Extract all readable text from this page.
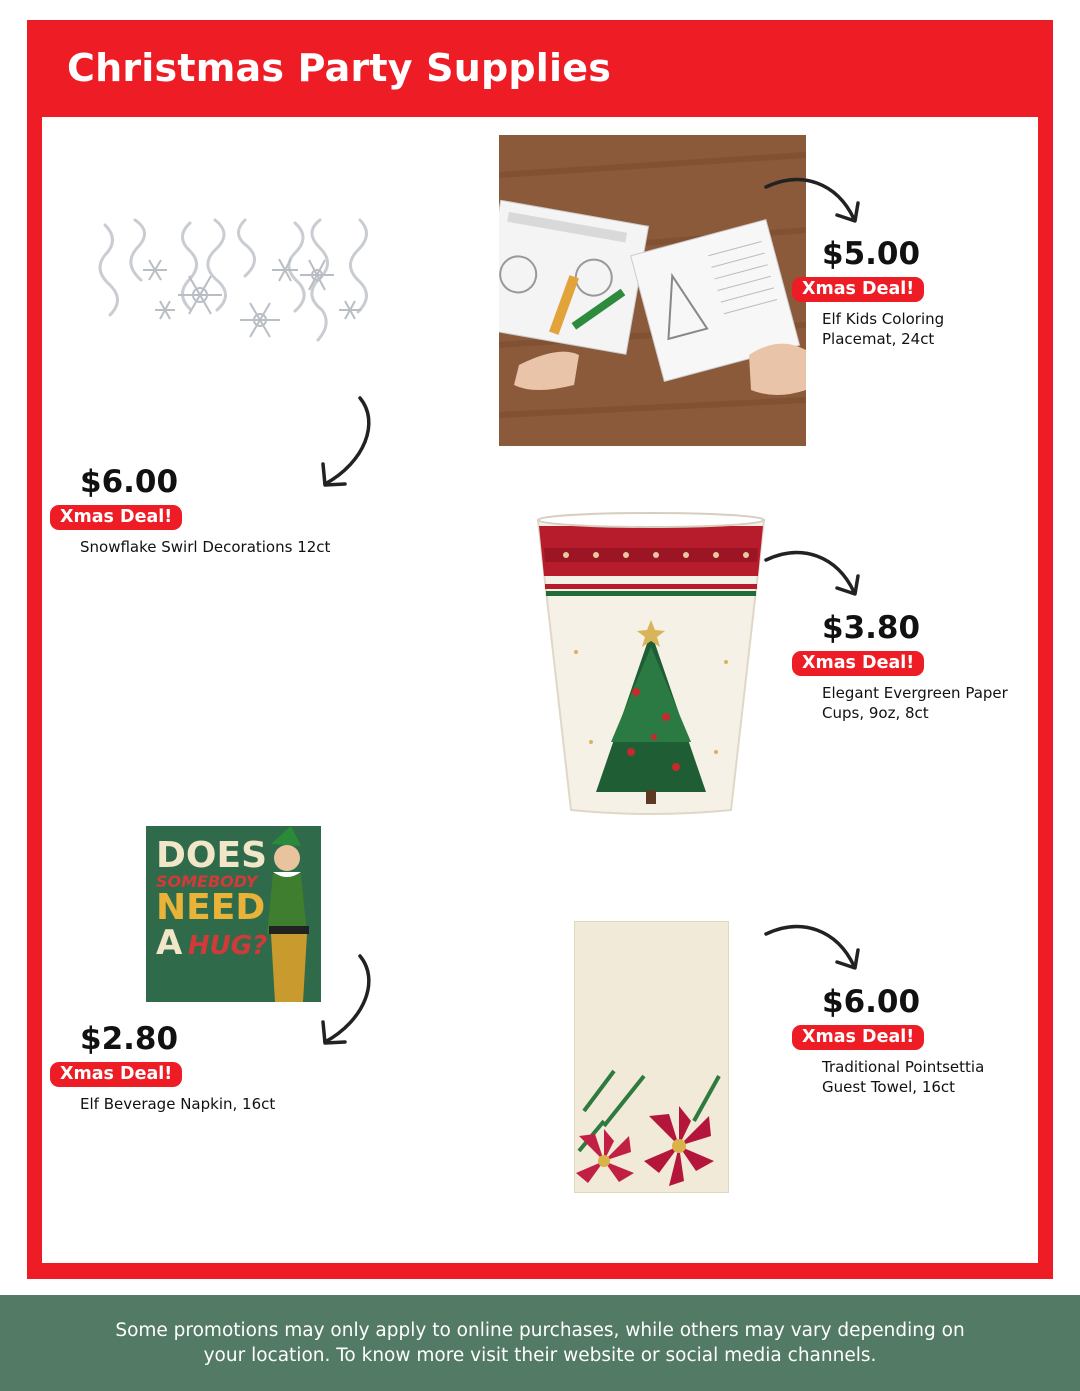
Christmas Party Supplies
$6.00
Xmas Deal!
Snowflake Swirl Decorations 12ct
$5.00
Xmas Deal!
Elf Kids Coloring Placemat, 24ct
$3.80
Xmas Deal!
Elegant Evergreen Paper Cups, 9oz, 8ct
DOES
SOMEBODY
NEED
A HUG?
$2.80
Xmas Deal!
Elf Beverage Napkin, 16ct
$6.00
Xmas Deal!
Traditional Pointsettia Guest Towel, 16ct

Some promotions may only apply to online purchases, while others may vary depending on your location. To know more visit their website or social media channels.
